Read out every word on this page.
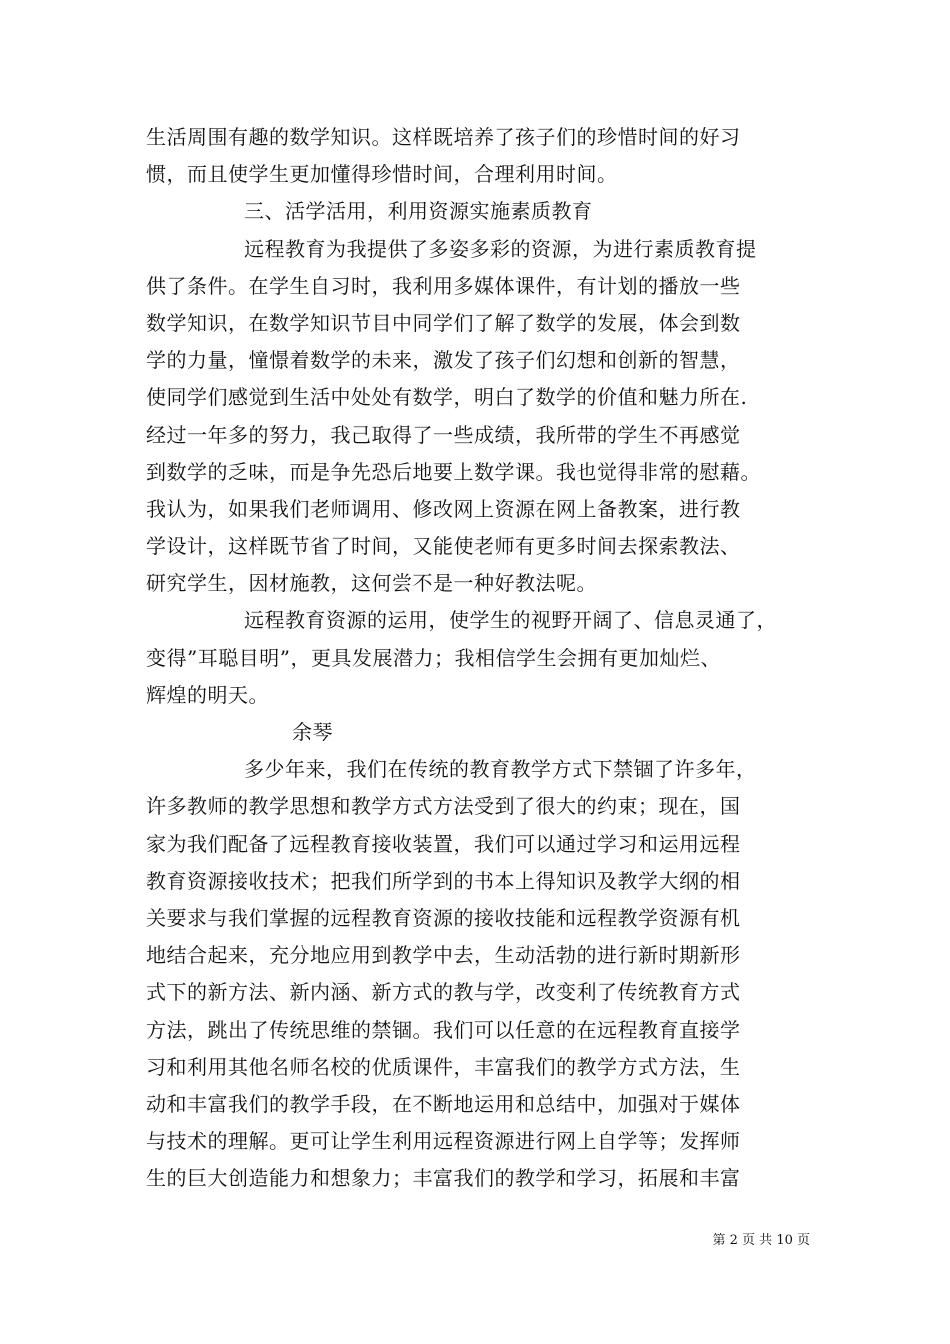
生活周围有趣的数学知识。这样既培养了孩子们的珍惜时间的好习
惯，而且使学生更加懂得珍惜时间，合理利用时间。
三、活学活用，利用资源实施素质教育
远程教育为我提供了多姿多彩的资源，为进行素质教育提
供了条件。在学生自习时，我利用多媒体课件，有计划的播放一些
数学知识，在数学知识节目中同学们了解了数学的发展，体会到数
学的力量，憧憬着数学的未来，激发了孩子们幻想和创新的智慧，
使同学们感觉到生活中处处有数学，明白了数学的价值和魅力所在.
经过一年多的努力，我己取得了一些成绩，我所带的学生不再感觉
到数学的乏味，而是争先恐后地要上数学课。我也觉得非常的慰藉。
我认为，如果我们老师调用、修改网上资源在网上备教案，进行教
学设计，这样既节省了时间，又能使老师有更多时间去探索教法、
研究学生，因材施教，这何尝不是一种好教法呢。
远程教育资源的运用，使学生的视野开阔了、信息灵通了，
变得”耳聪目明”，更具发展潜力；我相信学生会拥有更加灿烂、
辉煌的明天。
余琴
多少年来，我们在传统的教育教学方式下禁锢了许多年，
许多教师的教学思想和教学方式方法受到了很大的约束；现在，国
家为我们配备了远程教育接收装置，我们可以通过学习和运用远程
教育资源接收技术；把我们所学到的书本上得知识及教学大纲的相
关要求与我们掌握的远程教育资源的接收技能和远程教学资源有机
地结合起来，充分地应用到教学中去，生动活勃的进行新时期新形
式下的新方法、新内涵、新方式的教与学，改变利了传统教育方式
方法，跳出了传统思维的禁锢。我们可以任意的在远程教育直接学
习和利用其他名师名校的优质课件，丰富我们的教学方式方法，生
动和丰富我们的教学手段，在不断地运用和总结中，加强对于媒体
与技术的理解。更可让学生利用远程资源进行网上自学等；发挥师
生的巨大创造能力和想象力；丰富我们的教学和学习，拓展和丰富
第 2 页 共 10 页
